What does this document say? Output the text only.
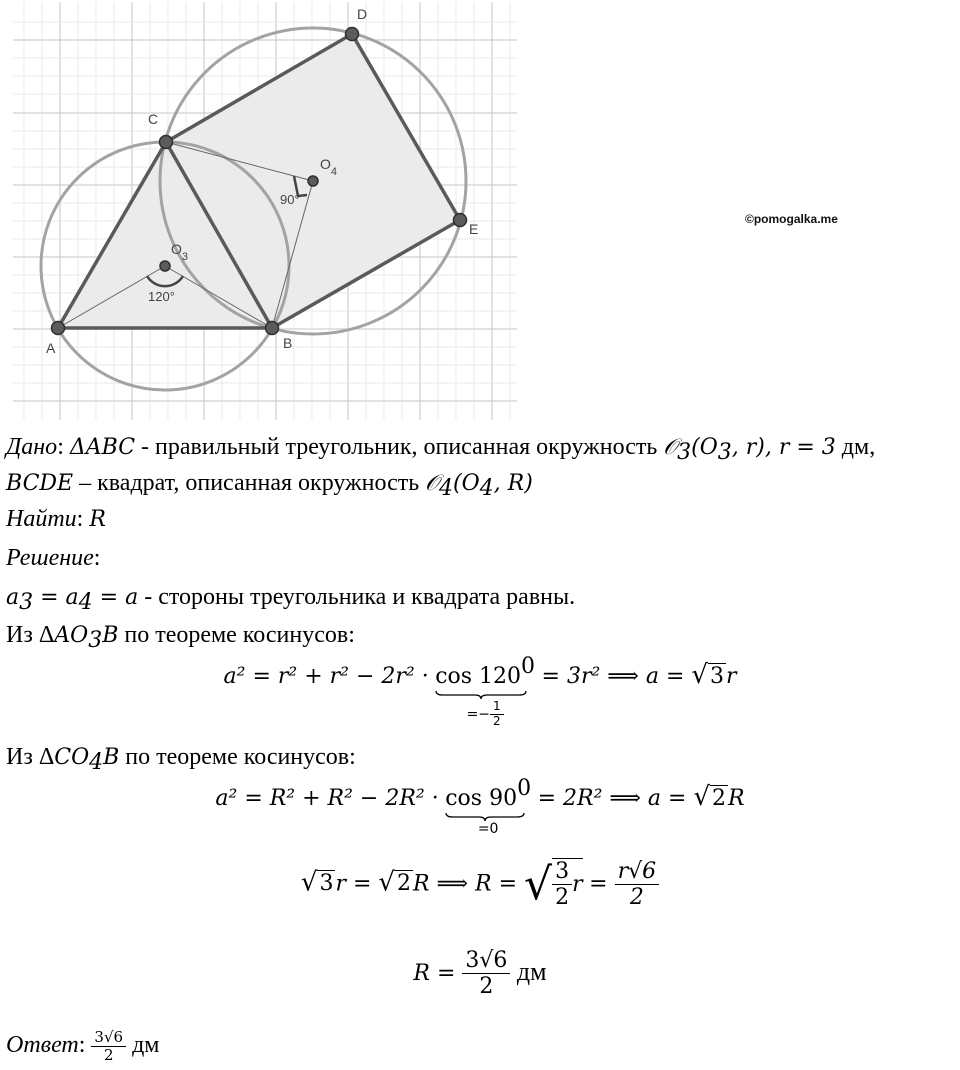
A	B
C
D
E
$O_3$
$O_4$
120°
90°
©pomogalka.me
Дано: ΔABC - правильный треугольник, описанная окружность $𝒪_3(O_3$, r), r = 3 дм,
BCDE – квадрат, описанная окружность $𝒪_4(O_4$, R)
Найти: R
Решение:
$a_3 = a_4 = a$ - стороны треугольника и квадрата равны.
Из $\Delta AO_3B$ по теореме косинусов:
$a^2 = r^2 + r^2 - 2r^2 \cdot \cos 120^0$
=− $\frac{1}{2}$
= 3r² ⟹ a = √3r
Из $\Delta CO_4B$ по теореме косинусов:
$a^2 = R^2 + R^2 - 2R^2 \cdot \cos 90^0$
=0
= 2R² ⟹ a = √2R
√3r = √2R ⟹ R = √ $\frac{3}{2}$ $r = \frac{r√6}{2}$
$R = \frac{3√6}{2}$ дм
Ответ: $\frac{3√6}{2}$ дм
